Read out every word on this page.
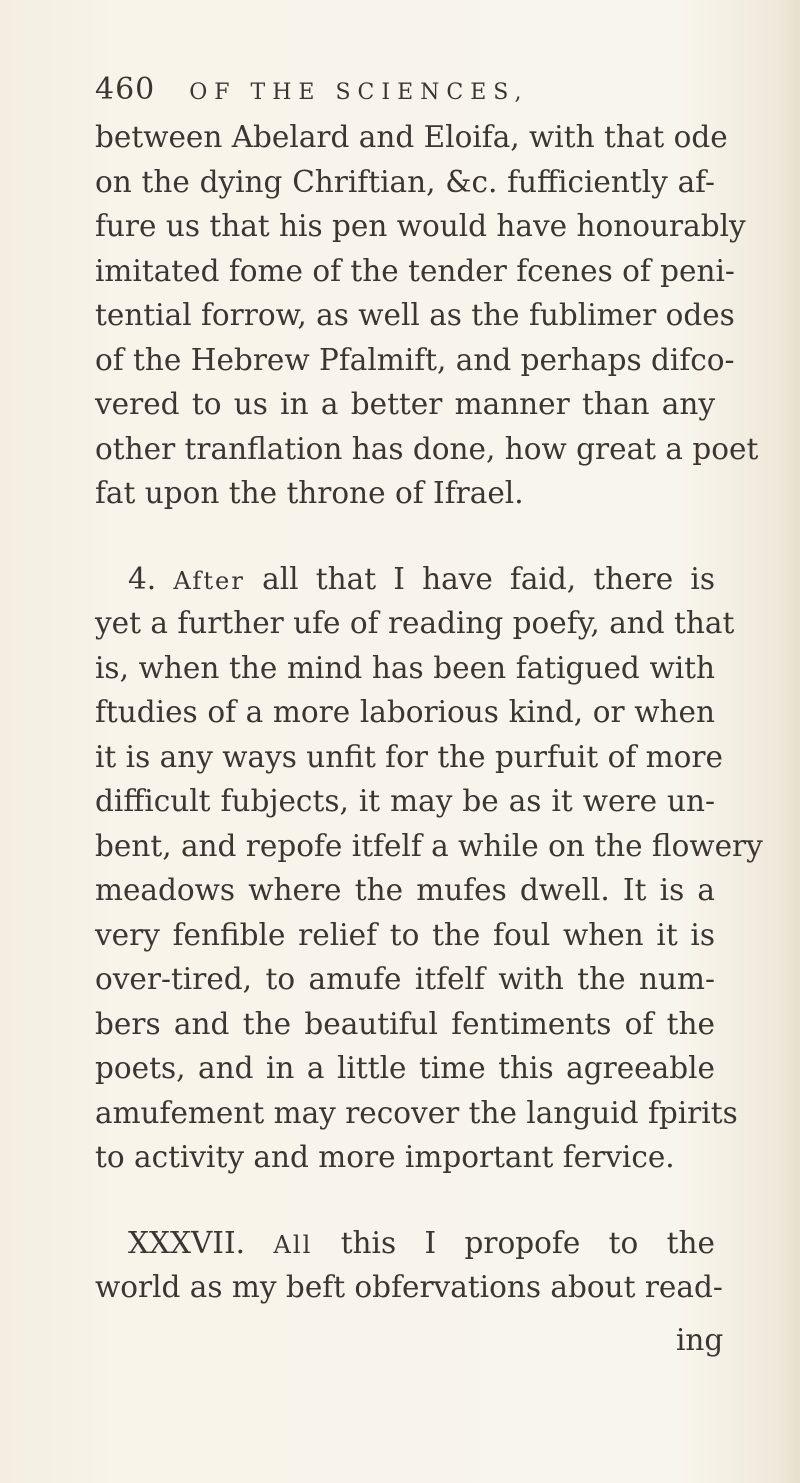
460 OF THE SCIENCES,
between Abelard and Eloifa, with that ode
on the dying Chriftian, &c. fufficiently af-
fure us that his pen would have honourably
imitated fome of the tender fcenes of peni-
tential forrow, as well as the fublimer odes
of the Hebrew Pfalmift, and perhaps difco-
vered to us in a better manner than any
other tranflation has done, how great a poet
fat upon the throne of Ifrael.
4. After all that I have faid, there is
yet a further ufe of reading poefy, and that
is, when the mind has been fatigued with
ftudies of a more laborious kind, or when
it is any ways unfit for the purfuit of more
difficult fubjects, it may be as it were un-
bent, and repofe itfelf a while on the flowery
meadows where the mufes dwell. It is a
very fenfible relief to the foul when it is
over-tired, to amufe itfelf with the num-
bers and the beautiful fentiments of the
poets, and in a little time this agreeable
amufement may recover the languid fpirits
to activity and more important fervice.
XXXVII. All this I propofe to the
world as my beft obfervations about read-
ing
